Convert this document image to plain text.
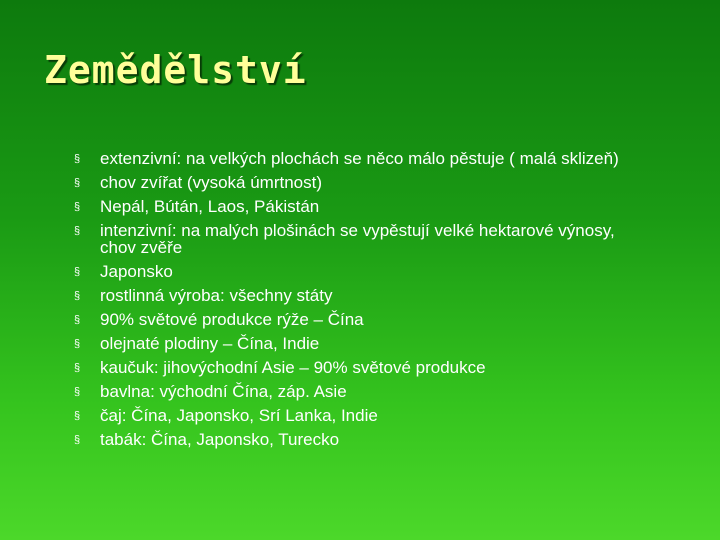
Zemědělství
§ extenzivní: na velkých plochách se něco málo pěstuje ( malá sklizeň)
§ chov zvířat (vysoká úmrtnost)
§ Nepál, Bútán, Laos, Pákistán
§ intenzivní: na malých plošinách se vypěstují velké hektarové výnosy, chov zvěře
§ Japonsko
§ rostlinná výroba: všechny státy
§ 90% světové produkce rýže – Čína
§ olejnaté plodiny – Čína, Indie
§ kaučuk: jihovýchodní Asie – 90% světové produkce
§ bavlna: východní Čína, záp. Asie
§ čaj: Čína, Japonsko, Srí Lanka, Indie
§ tabák: Čína, Japonsko, Turecko
